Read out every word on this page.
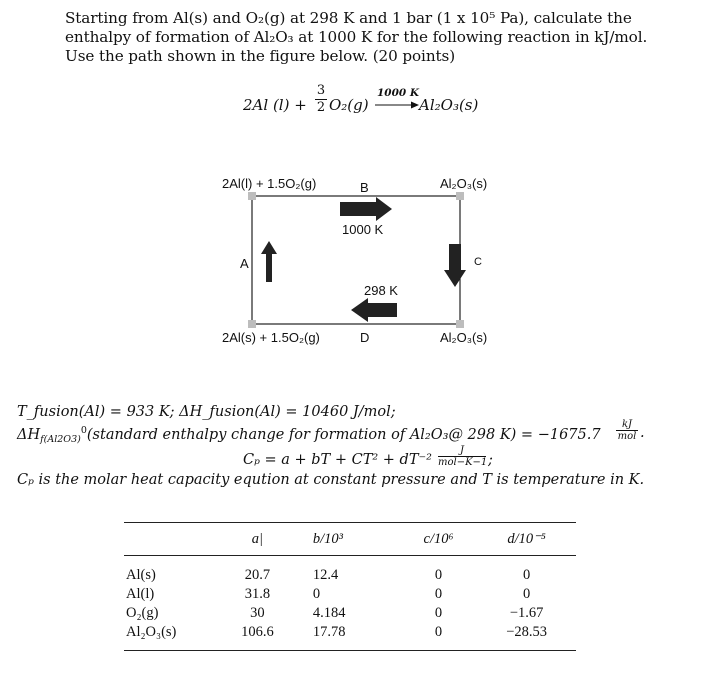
Starting from Al(s) and O₂(g) at 298 K and 1 bar (1 x 10⁵ Pa), calculate the enthalpy of formation of Al₂O₃ at 1000 K for the following reaction in kJ/mol. Use the path shown in the figure below. (20 points)
2Al (l) +
3
2 O₂(g)
1000 K
→ Al₂O₃(s)
2Al(l) + 1.5O₂(g)	Al₂O₃(s)
2Al(s) + 1.5O₂(g)	Al₂O₃(s)
B
A	C
D
1000 K
298 K
T_fusion(Al) = 933 K; ΔH_fusion(Al) = 10460 J/mol;
$\Delta H_{f(Al2O3)}^0(standard$ enthalpy change for formation of Al₂O₃@ 298 K) = −1675.7
kJ
mol .
Cₚ = a + bT + CT² + dT⁻²
J
mol−K−1 ;
Cₚ is the molar heat capacity eqution at constant pressure and T is temperature in K.
	a|	b/10³	c/10⁶	d/10⁻⁵
Al(s)	20.7	12.4	0	0
Al(l)	31.8	0	0	0
O₂(g)	30	4.184	0	−1.67
Al₂O₃(s)	106.6	17.78	0	−28.53
